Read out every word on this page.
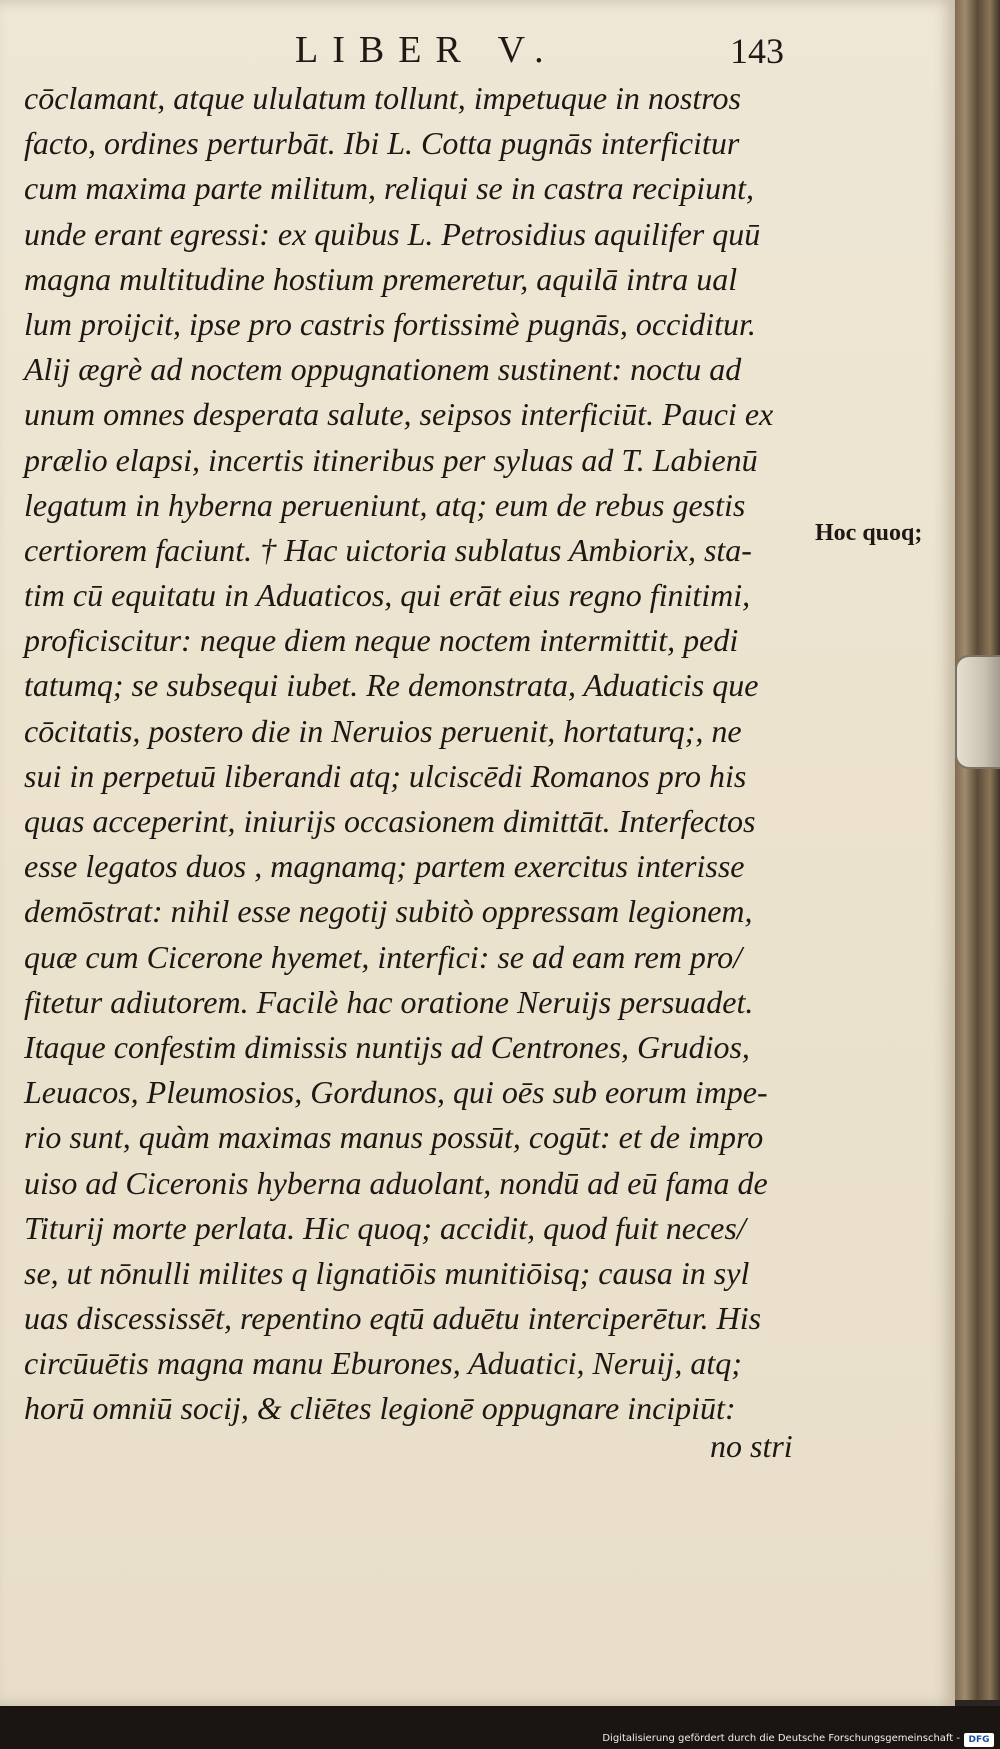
LIBER V.	143
cōclamant, atque ululatum tollunt, impetuque in nostros
facto, ordines perturbāt. Ibi L. Cotta pugnās interficitur
cum maxima parte militum, reliqui se in castra recipiunt,
unde erant egressi: ex quibus L. Petrosidius aquilifer quū
magna multitudine hostium premeretur, aquilā intra ual
lum proijcit, ipse pro castris fortissimè pugnās, occiditur.
Alij ægrè ad noctem oppugnationem sustinent: noctu ad
unum omnes desperata salute, seipsos interficiūt. Pauci ex
prælio elapsi, incertis itineribus per syluas ad T. Labienū
legatum in hyberna perueniunt, atq; eum de rebus gestis
certiorem faciunt. † Hac uictoria sublatus Ambiorix, sta-
tim cū equitatu in Aduaticos, qui erāt eius regno finitimi,
proficiscitur: neque diem neque noctem intermittit, pedi
tatumq; se subsequi iubet. Re demonstrata, Aduaticis que
cōcitatis, postero die in Neruios peruenit, hortaturq;, ne
sui in perpetuū liberandi atq; ulciscēdi Romanos pro his
quas acceperint, iniurijs occasionem dimittāt. Interfectos
esse legatos duos , magnamq; partem exercitus interisse
demōstrat: nihil esse negotij subitò oppressam legionem,
quæ cum Cicerone hyemet, interfici: se ad eam rem pro/
fitetur adiutorem. Facilè hac oratione Neruijs persuadet.
Itaque confestim dimissis nuntijs ad Centrones, Grudios,
Leuacos, Pleumosios, Gordunos, qui oēs sub eorum impe-
rio sunt, quàm maximas manus possūt, cogūt: et de impro
uiso ad Ciceronis hyberna aduolant, nondū ad eū fama de
Titurij morte perlata. Hic quoq; accidit, quod fuit neces/
se, ut nōnulli milites q lignatiōis munitiōisq; causa in syl
uas discessissēt, repentino eqtū aduētu interciperētur. His
circūuētis magna manu Eburones, Aduatici, Neruij, atq;
horū omniū socij, & cliētes legionē oppugnare incipiūt:
Hoc quoq;
no stri
Digitalisierung gefördert durch die Deutsche Forschungsgemeinschaft - DFG
